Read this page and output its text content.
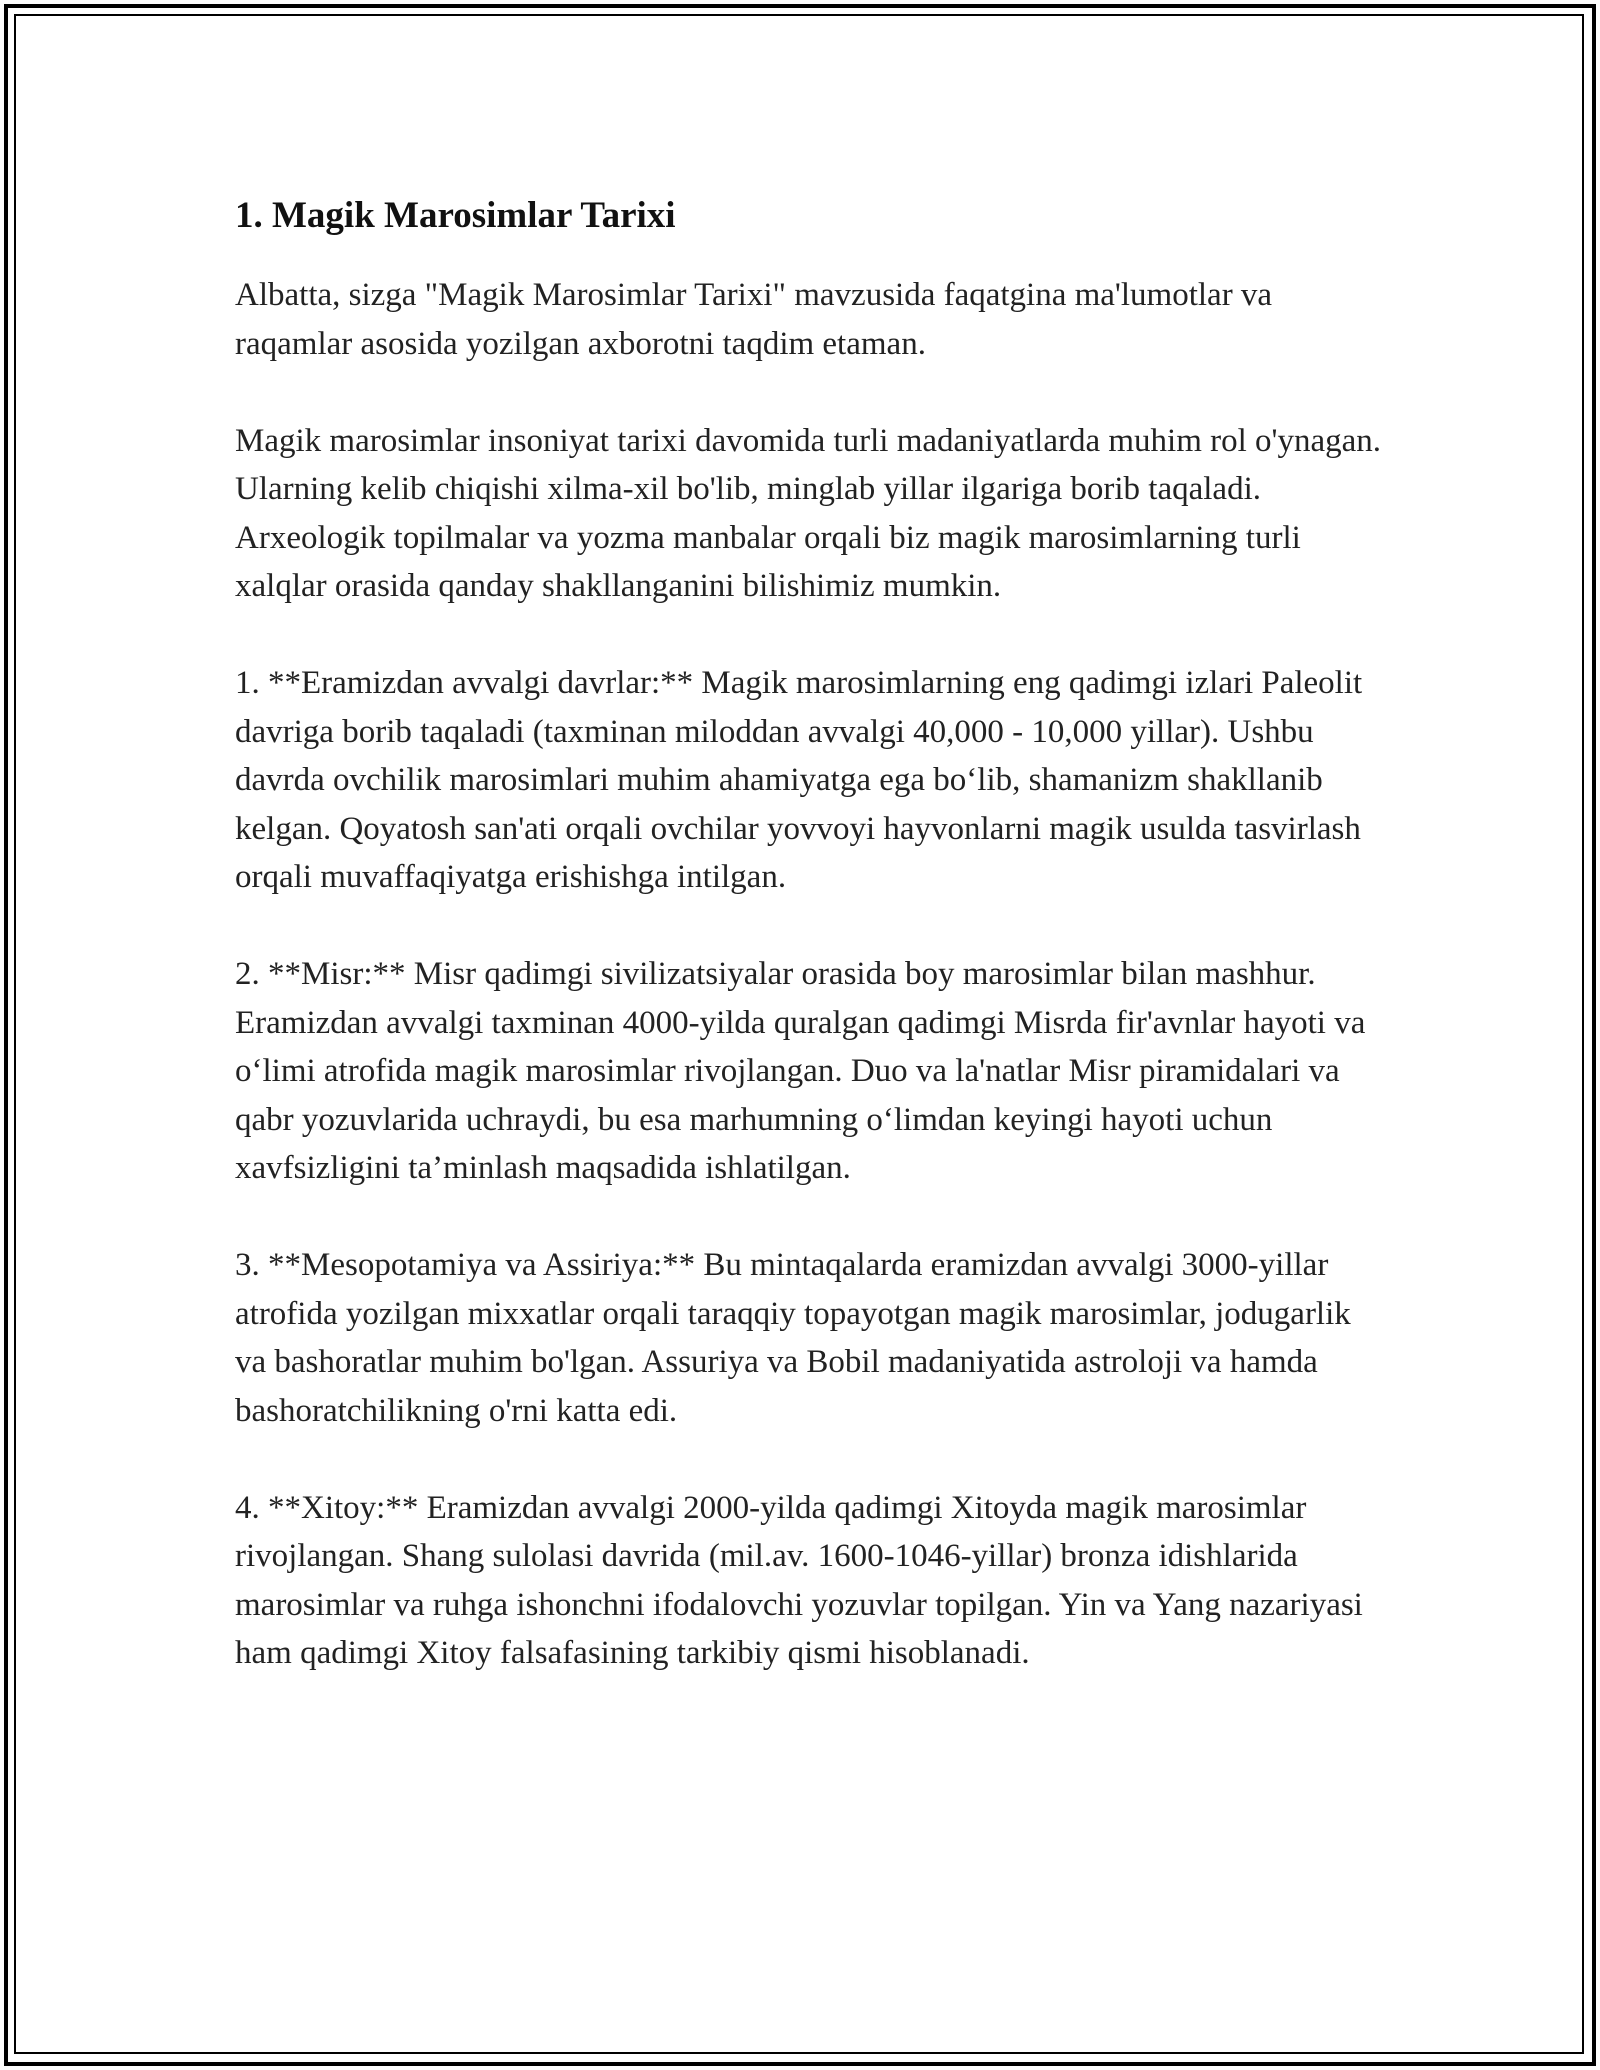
1. Magik Marosimlar Tarixi

Albatta, sizga "Magik Marosimlar Tarixi" mavzusida faqatgina ma'lumotlar va raqamlar asosida yozilgan axborotni taqdim etaman.

Magik marosimlar insoniyat tarixi davomida turli madaniyatlarda muhim rol o'ynagan. Ularning kelib chiqishi xilma-xil bo'lib, minglab yillar ilgariga borib taqaladi. Arxeologik topilmalar va yozma manbalar orqali biz magik marosimlarning turli xalqlar orasida qanday shakllanganini bilishimiz mumkin.

1. **Eramizdan avvalgi davrlar:** Magik marosimlarning eng qadimgi izlari Paleolit davriga borib taqaladi (taxminan miloddan avvalgi 40,000 - 10,000 yillar). Ushbu davrda ovchilik marosimlari muhim ahamiyatga ega bo‘lib, shamanizm shakllanib kelgan. Qoyatosh san'ati orqali ovchilar yovvoyi hayvonlarni magik usulda tasvirlash orqali muvaffaqiyatga erishishga intilgan.

2. **Misr:** Misr qadimgi sivilizatsiyalar orasida boy marosimlar bilan mashhur. Eramizdan avvalgi taxminan 4000-yilda quralgan qadimgi Misrda fir'avnlar hayoti va o‘limi atrofida magik marosimlar rivojlangan. Duo va la'natlar Misr piramidalari va qabr yozuvlarida uchraydi, bu esa marhumning o‘limdan keyingi hayoti uchun xavfsizligini ta’minlash maqsadida ishlatilgan.

3. **Mesopotamiya va Assiriya:** Bu mintaqalarda eramizdan avvalgi 3000-yillar atrofida yozilgan mixxatlar orqali taraqqiy topayotgan magik marosimlar, jodugarlik va bashoratlar muhim bo'lgan. Assuriya va Bobil madaniyatida astroloji va hamda bashoratchilikning o'rni katta edi.

4. **Xitoy:** Eramizdan avvalgi 2000-yilda qadimgi Xitoyda magik marosimlar rivojlangan. Shang sulolasi davrida (mil.av. 1600-1046-yillar) bronza idishlarida marosimlar va ruhga ishonchni ifodalovchi yozuvlar topilgan. Yin va Yang nazariyasi ham qadimgi Xitoy falsafasining tarkibiy qismi hisoblanadi.
